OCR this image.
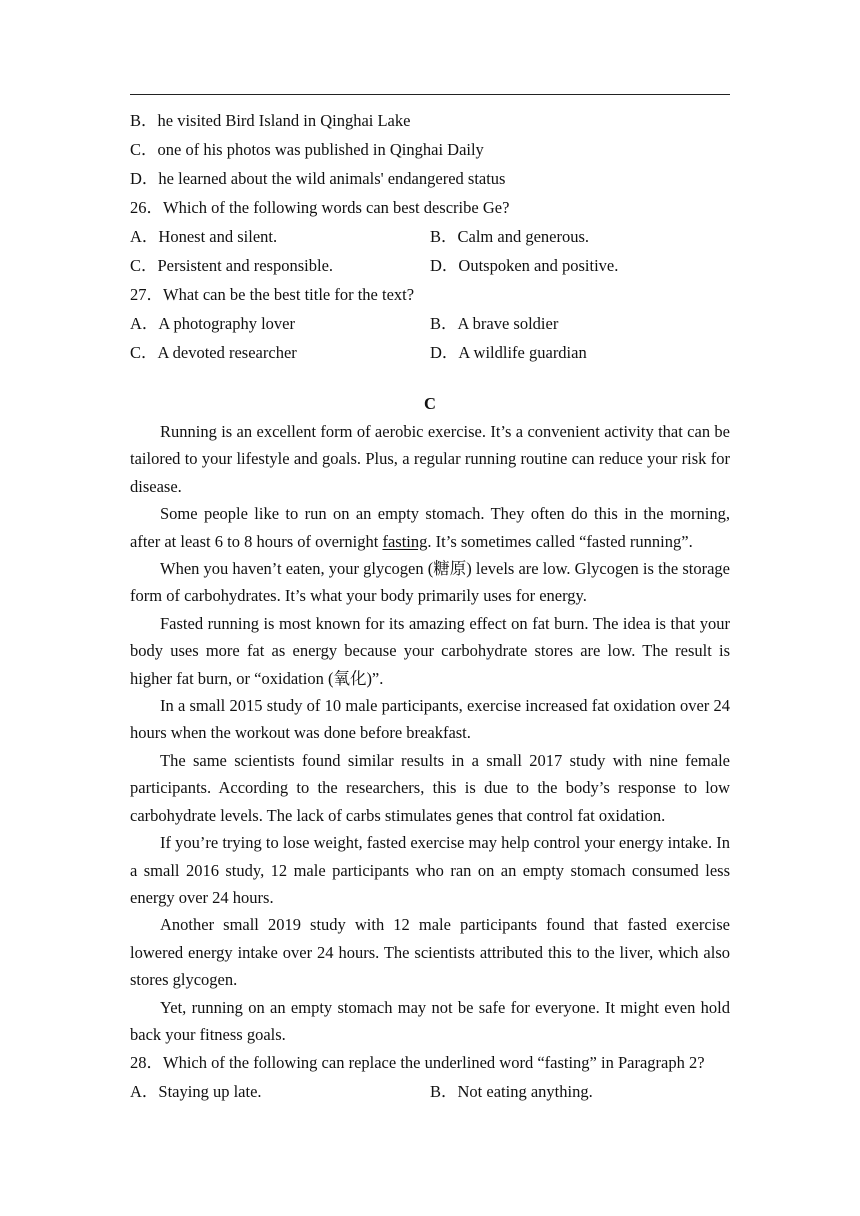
B．he visited Bird Island in Qinghai Lake
C．one of his photos was published in Qinghai Daily
D．he learned about the wild animals' endangered status
26．Which of the following words can best describe Ge?
A．Honest and silent.	B．Calm and generous.
C．Persistent and responsible.	D．Outspoken and positive.
27．What can be the best title for the text?
A．A photography lover	B．A brave soldier
C．A devoted researcher	D．A wildlife guardian
C
Running is an excellent form of aerobic exercise. It’s a convenient activity that can be tailored to your lifestyle and goals. Plus, a regular running routine can reduce your risk for disease.
Some people like to run on an empty stomach. They often do this in the morning, after at least 6 to 8 hours of overnight fasting. It’s sometimes called “fasted running”.
When you haven’t eaten, your glycogen (糖原) levels are low. Glycogen is the storage form of carbohydrates. It’s what your body primarily uses for energy.
Fasted running is most known for its amazing effect on fat burn. The idea is that your body uses more fat as energy because your carbohydrate stores are low. The result is higher fat burn, or “oxidation (氧化)”.
In a small 2015 study of 10 male participants, exercise increased fat oxidation over 24 hours when the workout was done before breakfast.
The same scientists found similar results in a small 2017 study with nine female participants. According to the researchers, this is due to the body’s response to low carbohydrate levels. The lack of carbs stimulates genes that control fat oxidation.
If you’re trying to lose weight, fasted exercise may help control your energy intake. In a small 2016 study, 12 male participants who ran on an empty stomach consumed less energy over 24 hours.
Another small 2019 study with 12 male participants found that fasted exercise lowered energy intake over 24 hours. The scientists attributed this to the liver, which also stores glycogen.
Yet, running on an empty stomach may not be safe for everyone. It might even hold back your fitness goals.
28．Which of the following can replace the underlined word “fasting” in Paragraph 2?
A．Staying up late.	B．Not eating anything.
